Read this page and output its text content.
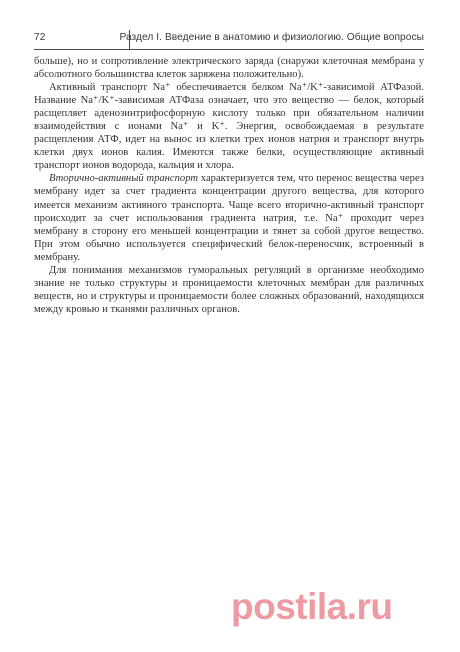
72	Раздел I. Введение в анатомию и физиологию. Общие вопросы

больше), но и сопротивление электрического заряда (снаружи клеточная мембрана у абсолютного большинства клеток заряжена положительно).

Активный транспорт Na⁺ обеспечивается белком Na⁺/K⁺-зависимой АТФазой. Название Na⁺/K⁺-зависимая АТФаза означает, что это вещество — белок, который расщепляет аденозинтрифосфорную кислоту только при обязательном наличии взаимодействия с ионами Na⁺ и K⁺. Энергия, освобождаемая в результате расщепления АТФ, идет на вынос из клетки трех ионов натрия и транспорт внутрь клетки двух ионов калия. Имеются также белки, осуществляющие активный транспорт ионов водорода, кальция и хлора.

Вторично-активный транспорт характеризуется тем, что перенос вещества через мембрану идет за счет градиента концентрации другого вещества, для которого имеется механизм активного транспорта. Чаще всего вторично-активный транспорт происходит за счет использования градиента натрия, т.е. Na⁺ проходит через мембрану в сторону его меньшей концентрации и тянет за собой другое вещество. При этом обычно используется специфический белок-переносчик, встроенный в мембрану.

Для понимания механизмов гуморальных регуляций в организме необходимо знание не только структуры и проницаемости клеточных мембран для различных веществ, но и структуры и проницаемости более сложных образований, находящихся между кровью и тканями различных органов.

postila.ru
